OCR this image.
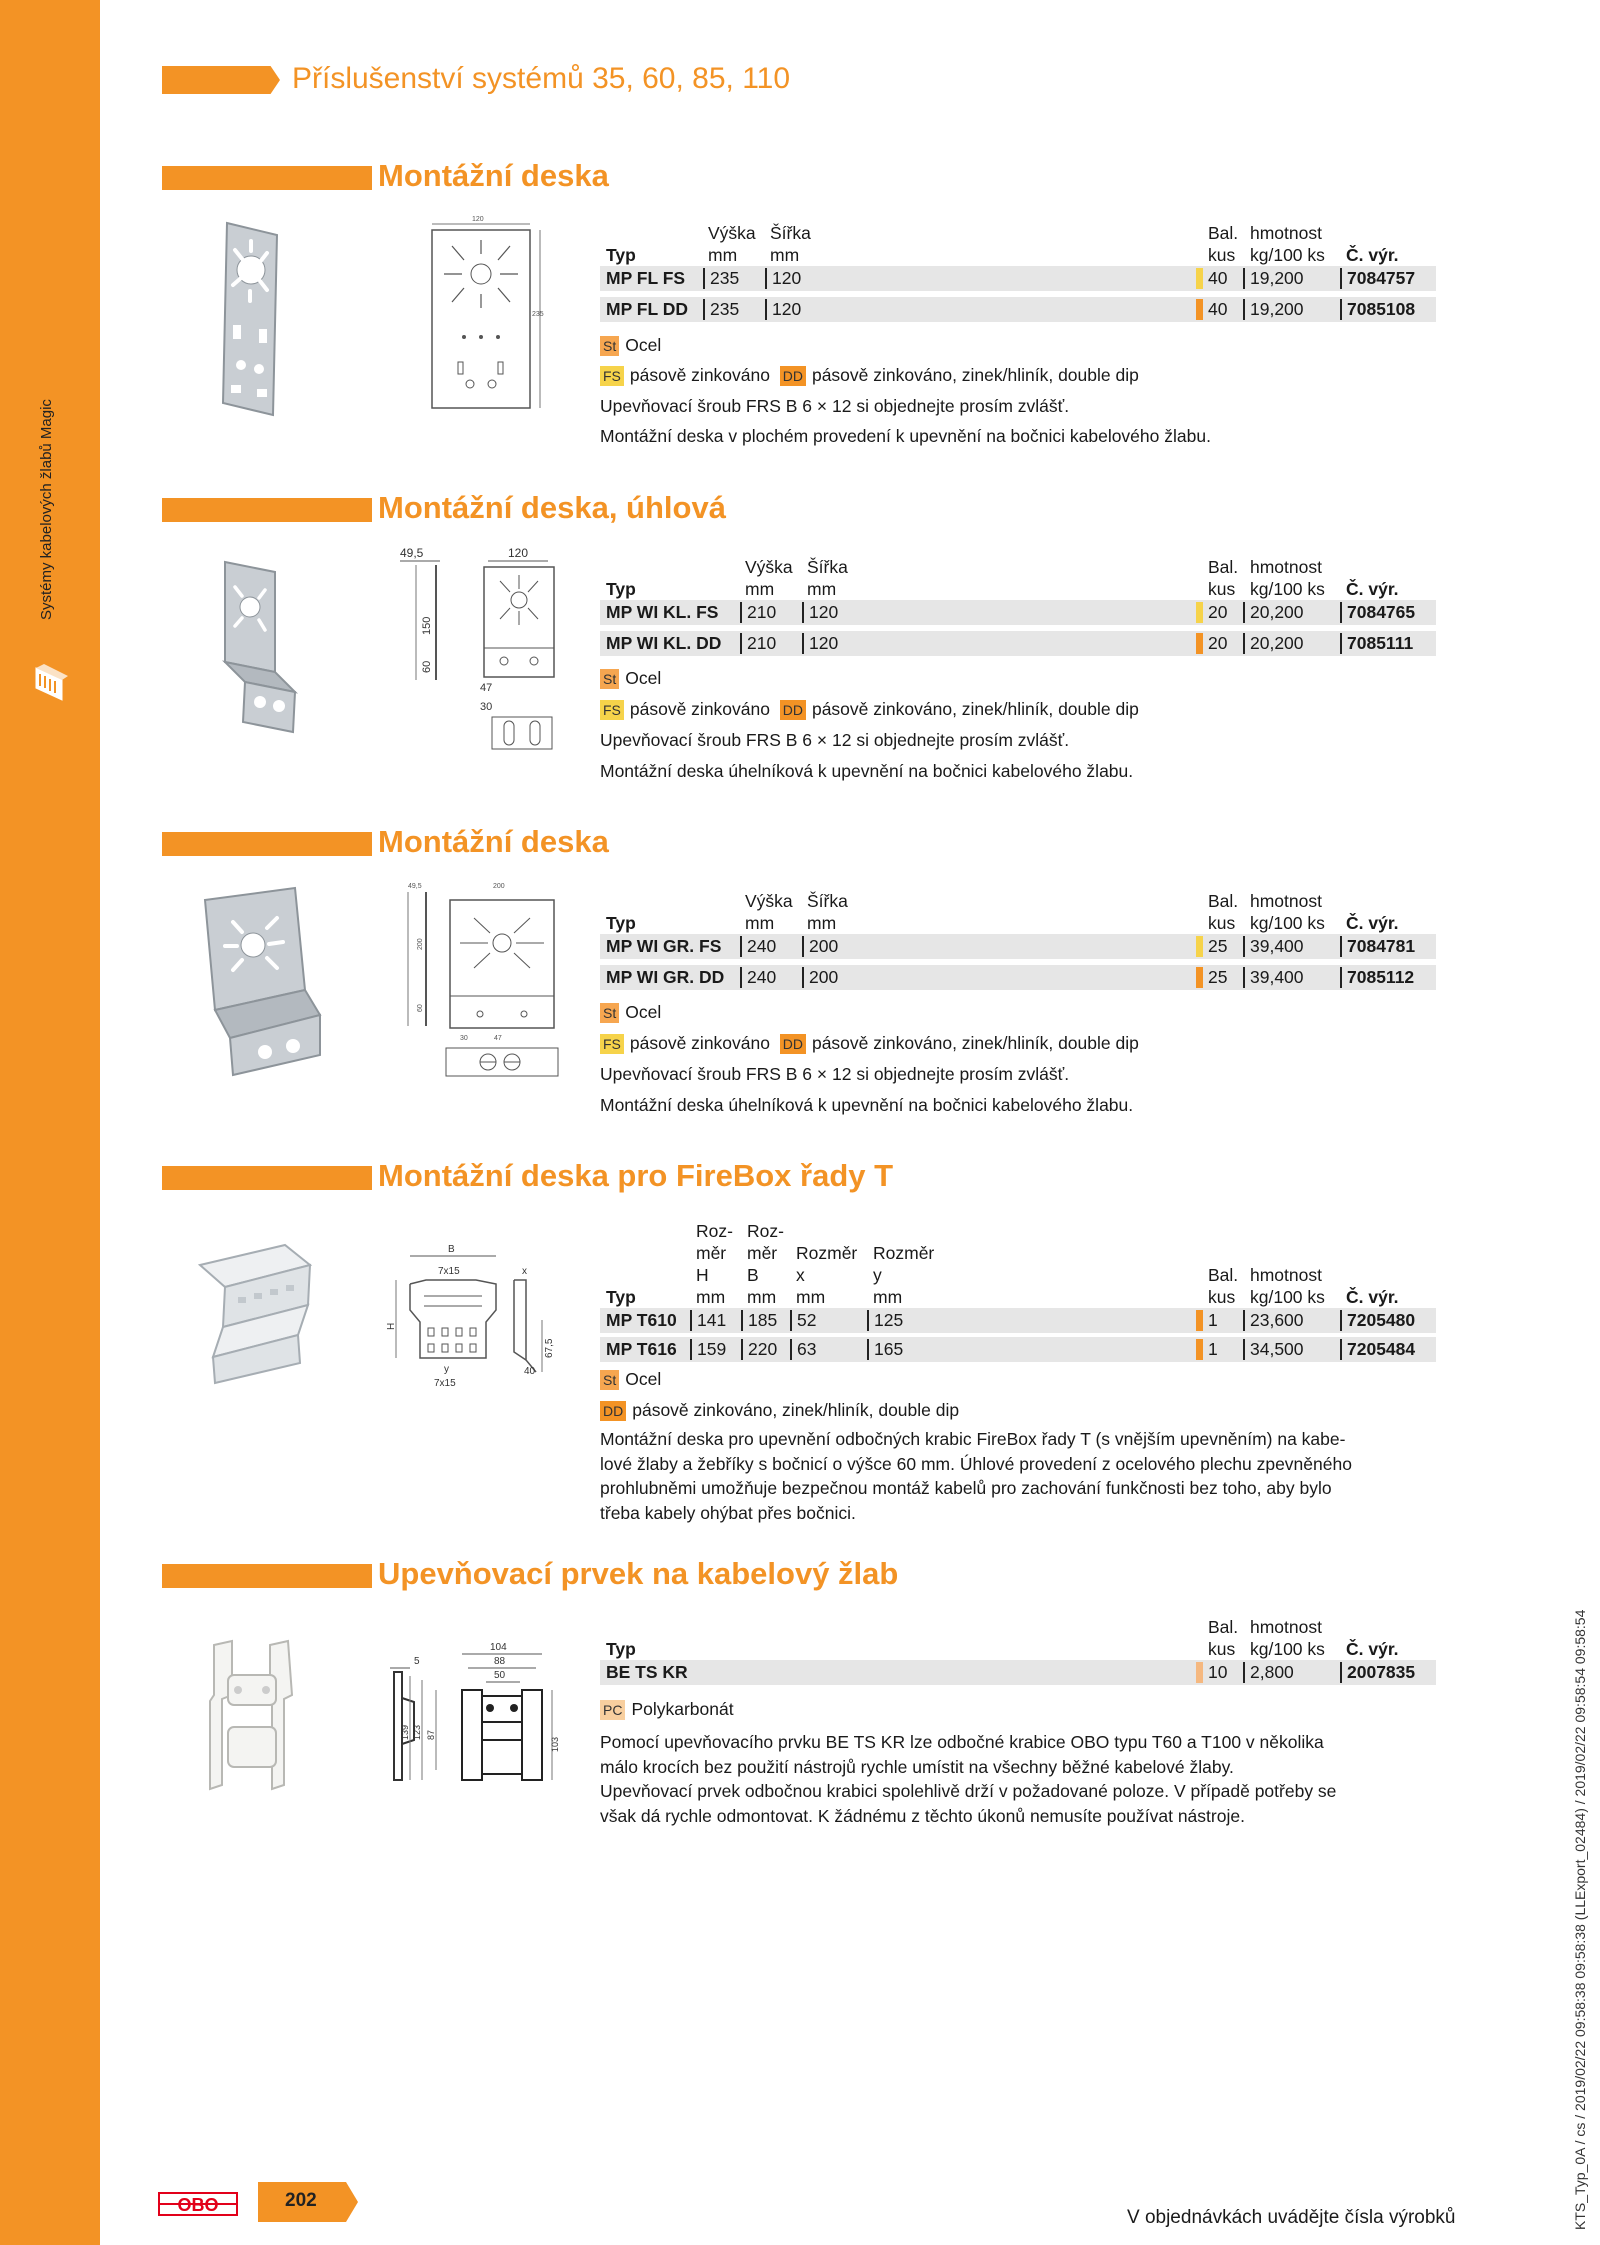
Systémy kabelových žlabů Magic
Příslušenství systémů 35, 60, 85, 110
Montážní deska
120
235
Výška Šířka	Bal. hmotnost
Typ	mm mm	kus kg/100 ks Č. výr.
MP FL FS	235	120	40	19,200	7084757
MP FL DD	235	120	40	19,200	7085108
St Ocel
FS pásově zinkováno DD pásově zinkováno, zinek/hliník, double dip
Upevňovací šroub FRS B 6 × 12 si objednejte prosím zvlášť.
Montážní deska v plochém provedení k upevnění na bočnici kabelového žlabu.
Montážní deska, úhlová
49,5	120
150
60
47
30
Výška Šířka	Bal. hmotnost
Typ	mm mm	kus kg/100 ks Č. výr.
MP WI KL. FS	210	120	20	20,200	7084765
MP WI KL. DD	210	120	20	20,200	7085111
St Ocel
FS pásově zinkováno DD pásově zinkováno, zinek/hliník, double dip
Upevňovací šroub FRS B 6 × 12 si objednejte prosím zvlášť.
Montážní deska úhelníková k upevnění na bočnici kabelového žlabu.
Montážní deska
49,5	200
200
60
30	47
Výška Šířka	Bal. hmotnost
Typ	mm mm	kus kg/100 ks Č. výr.
MP WI GR. FS	240	200	25	39,400	7084781
MP WI GR. DD	240	200	25	39,400	7085112
St Ocel
FS pásově zinkováno DD pásově zinkováno, zinek/hliník, double dip
Upevňovací šroub FRS B 6 × 12 si objednejte prosím zvlášť.
Montážní deska úhelníková k upevnění na bočnici kabelového žlabu.
Montážní deska pro FireBox řady T
B
7x15
H
y
7x15
x
67,5
40
Roz- Roz-
měr měr Rozměr Rozměr
H B x	y	Bal. hmotnost
Typ	mm mm mm	mm	kus kg/100 ks Č. výr.
MP T610	141	185	52	125	1	23,600	7205480
MP T616	159	220	63	165	1	34,500	7205484
St Ocel
DD pásově zinkováno, zinek/hliník, double dip
Montážní deska pro upevnění odbočných krabic FireBox řady T (s vnějším upevněním) na kabe-
lové žlaby a žebříky s bočnicí o výšce 60 mm. Úhlové provedení z ocelového plechu zpevněného
prohlubněmi umožňuje bezpečnou montáž kabelů pro zachování funkčnosti bez toho, aby bylo
třeba kabely ohýbat přes bočnici.
Upevňovací prvek na kabelový žlab
104
88
50
5
139 123 87
103
Bal. hmotnost
Typ	kus kg/100 ks Č. výr.
BE TS KR	10	2,800	2007835
PC Polykarbonát
Pomocí upevňovacího prvku BE TS KR lze odbočné krabice OBO typu T60 a T100 v několika
málo krocích bez použití nástrojů rychle umístit na všechny běžné kabelové žlaby.
Upevňovací prvek odbočnou krabici spolehlivě drží v požadované poloze. V případě potřeby se
však dá rychle odmontovat. K žádnému z těchto úkonů nemusíte používat nástroje.
OBO	202
V objednávkách uvádějte čísla výrobků	KTS_Typ_0A / cs / 2019/02/22 09:58:38 09:58:38 (LLExport_02484) / 2019/02/22 09:58:54 09:58:54
